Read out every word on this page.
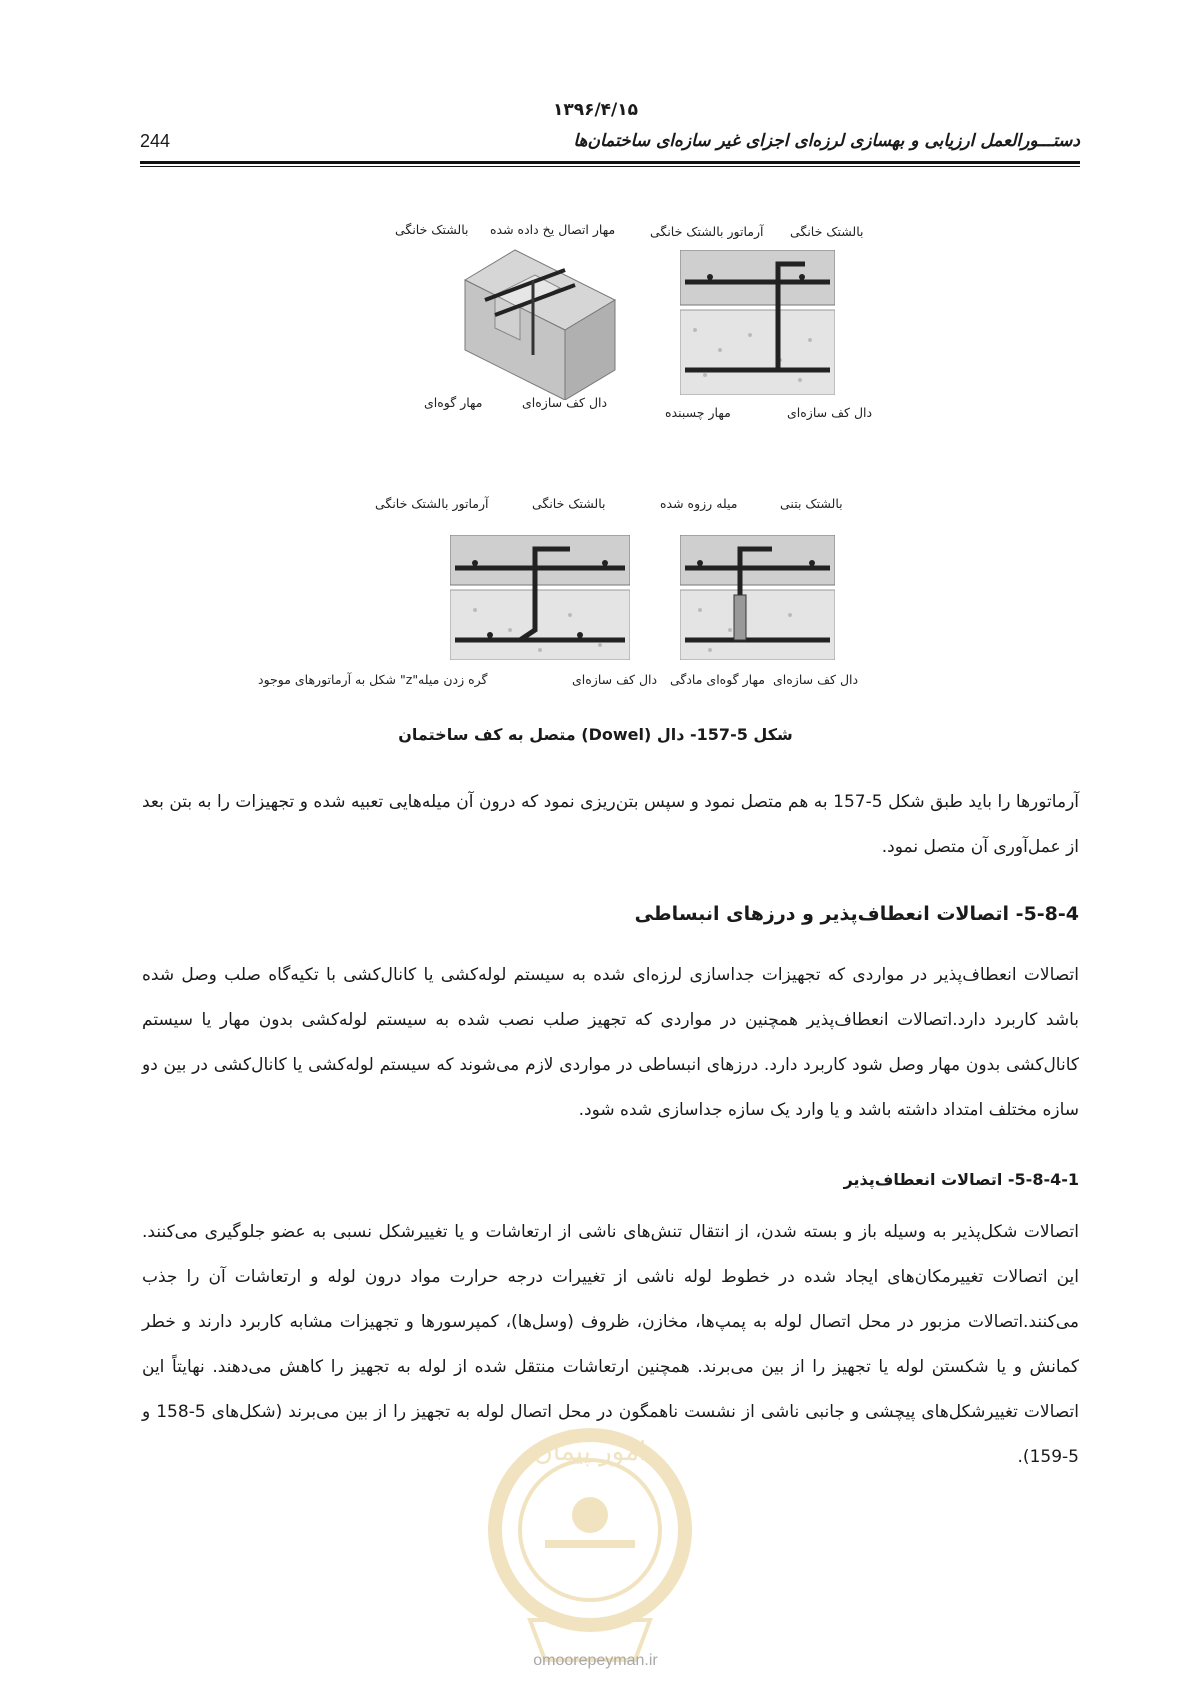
۱۳۹۶/۴/۱۵
دستـــورالعمل ارزیابی و بهسازی لرزه‌ای اجزای غیر سازه‌ای ساختمان‌ها
244
بالشتک خانگی
آرماتور بالشتک خانگی
دال کف سازه‌ای
مهار چسبنده
مهار اتصال یخ داده شده
بالشتک خانگی
دال کف سازه‌ای
مهار گوه‌ای
بالشتک بتنی
میله رزوه شده
دال کف سازه‌ای
مهار گوه‌ای مادگی
بالشتک خانگی
آرماتور بالشتک خانگی
دال کف سازه‌ای
گره زدن میله"z" شکل به آرماتورهای موجود
شکل 5-157- دال (Dowel) متصل به کف ساختمان
آرماتورها را باید طبق شکل 5-157 به هم متصل نمود و سپس بتن‌ریزی نمود که درون آن میله‌هایی تعبیه شده و تجهیزات را به بتن بعد از عمل‌آوری آن متصل نمود.
5-8-4- اتصالات انعطاف‌پذیر و درزهای انبساطی
اتصالات انعطاف‌پذیر در مواردی که تجهیزات جداسازی لرزه‌ای شده به سیستم لوله‌کشی یا کانال‌کشی با تکیه‌گاه صلب وصل شده باشد کاربرد دارد.اتصالات انعطاف‌پذیر همچنین در مواردی که تجهیز صلب نصب شده به سیستم لوله‌کشی بدون مهار یا سیستم کانال‌کشی بدون مهار وصل شود کاربرد دارد. درزهای انبساطی در مواردی لازم می‌شوند که سیستم لوله‌کشی یا کانال‌کشی در بین دو سازه مختلف امتداد داشته باشد و یا وارد یک سازه جداسازی شده شود.
5-8-4-1- اتصالات انعطاف‌پذیر
اتصالات شکل‌پذیر به وسیله باز و بسته شدن، از انتقال تنش‌های ناشی از ارتعاشات و یا تغییرشکل نسبی به عضو جلوگیری می‌کنند. این اتصالات تغییرمکان‌های ایجاد شده در خطوط لوله ناشی از تغییرات درجه حرارت مواد درون لوله و ارتعاشات آن را جذب می‌کنند.اتصالات مزبور در محل اتصال لوله به پمپ‌ها، مخازن، ظروف (وسل‌ها)، کمپرسورها و تجهیزات مشابه کاربرد دارند و خطر کمانش و یا شکستن لوله یا تجهیز را از بین می‌برند. همچنین ارتعاشات منتقل شده از لوله به تجهیز را کاهش می‌دهند. نهایتاً این اتصالات تغییرشکل‌های پیچشی و جانبی ناشی از نشست ناهمگون در محل اتصال لوله به تجهیز را از بین می‌برند (شکل‌های 5-158 و 5-159).
امور پیمان
omoorepeyman.ir
